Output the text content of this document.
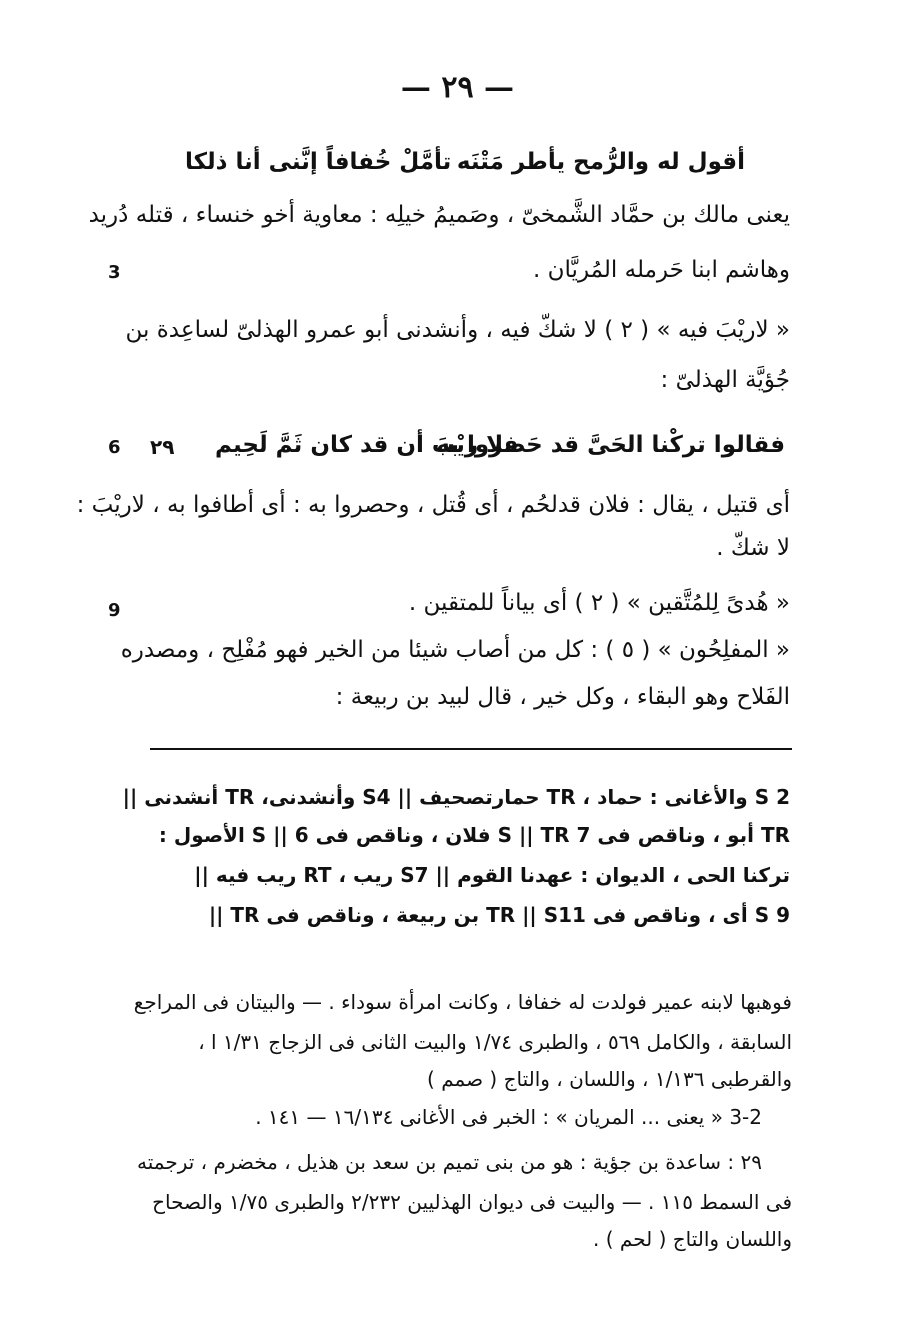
— ٢٩ —
أقول له والرُّمح يأطر مَتْنَه
تأمَّلْ خُفافاً إنَّنى أنا ذلكا
يعنى مالك بن حمَّاد الشَّمخىّ ، وصَميمُ خيلِه : معاوية أخو خنساء ، قتله دُريد
وهاشم ابنا حَرمله المُريَّان .
3
« لاريْبَ فيه » ( ٢ ) لا شكّ فيه ، وأنشدنى أبو عمرو الهذلىّ لساعِدة بن
جُؤيَّة الهذلىّ :
فقالوا تركْنا الحَىَّ قد حَصروا به
فلا ريْبَ أن قد كان ثَمَّ لَحِيم
٢٩
6
أى قتيل ، يقال : فلان قدلحُم ، أى قُتل ، وحصروا به : أى أطافوا به ، لاريْبَ :
لا شكّ .
« هُدىً لِلمُتَّقين » ( ٢ ) أى بياناً للمتقين .
9
« المفلِحُون » ( ٥ ) : كل من أصاب شيئا من الخير فهو مُفْلِح ، ومصدره
الفَلاح وهو البقاء ، وكل خير ، قال لبيد بن ربيعة :
S 2 والأغانى : حماد ، TR حمارتصحيف || S4 وأنشدنى، TR أنشدنى ||
TR أبو ، وناقص فى S || TR 7 فلان ، وناقص فى S || 6 الأصول :
تركنا الحى ، الديوان : عهدنا القوم || S7 ريب ، RT ريب فيه ||
S 9 أى ، وناقص فى TR || S11 بن ربيعة ، وناقص فى TR ||
فوهبها لابنه عمير فولدت له خفافا ، وكانت امرأة سوداء . — والبيتان فى المراجع
السابقة ، والكامل ٥٦٩ ، والطبرى ١/٧٤ والبيت الثانى فى الزجاج ١/٣١ ا ،
والقرطبى ١/١٣٦ ، واللسان ، والتاج ( صمم )
3-2 « يعنى ... المريان » : الخبر فى الأغانى ١٦/١٣٤ — ١٤١ .
٢٩ : ساعدة بن جؤية : هو من بنى تميم بن سعد بن هذيل ، مخضرم ، ترجمته
فى السمط ١١٥ . — والبيت فى ديوان الهذليين ٢/٢٣٢ والطبرى ١/٧٥ والصحاح
واللسان والتاج ( لحم ) .
